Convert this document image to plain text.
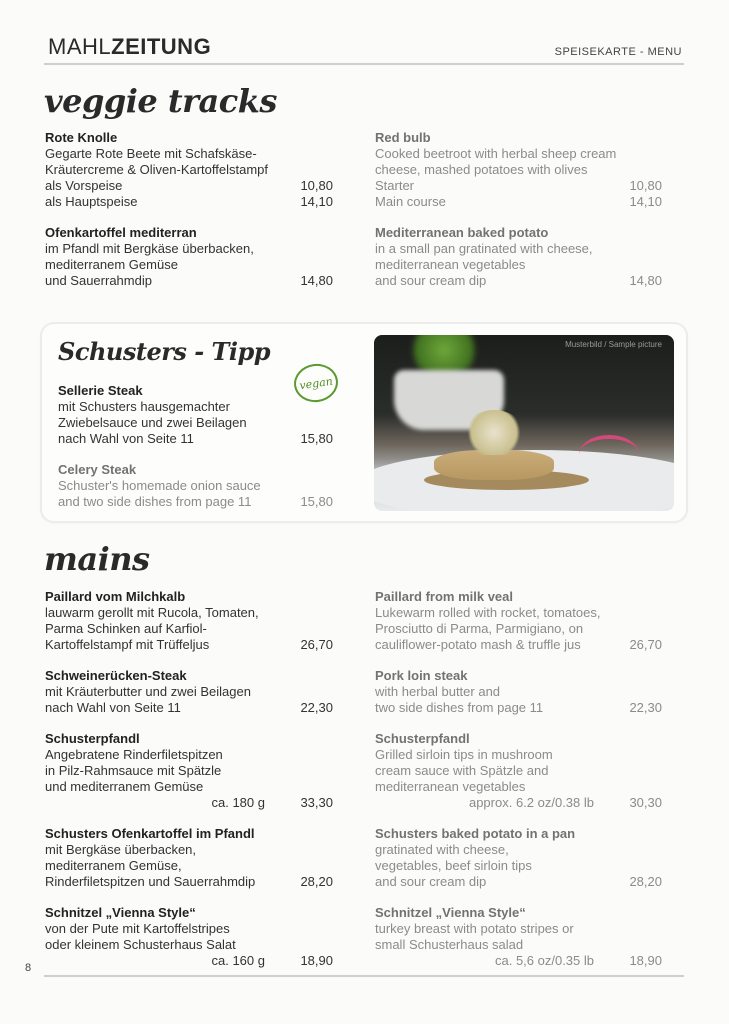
MAHLZEITUNG	SPEISEKARTE - MENU
veggie tracks
Rote Knolle
Gegarte Rote Beete mit Schafskäse-
Kräutercreme & Oliven-Kartoffelstampf
als Vorspeise	10,80
als Hauptspeise	14,10
Ofenkartoffel mediterran
im Pfandl mit Bergkäse überbacken,
mediterranem Gemüse
und Sauerrahmdip	14,80
Red bulb
Cooked beetroot with herbal sheep cream
cheese, mashed potatoes with olives
Starter	10,80
Main course	14,10
Mediterranean baked potato
in a small pan gratinated with cheese,
mediterranean vegetables
and sour cream dip	14,80
Schusters - Tipp
vegan
Sellerie Steak
mit Schusters hausgemachter
Zwiebelsauce und zwei Beilagen
nach Wahl von Seite 11	15,80
Celery Steak
Schuster's homemade onion sauce
and two side dishes from page 11	15,80
Musterbild / Sample picture
mains
Paillard vom Milchkalb
lauwarm gerollt mit Rucola, Tomaten,
Parma Schinken auf Karfiol-
Kartoffelstampf mit Trüffeljus	26,70
Schweinerücken-Steak
mit Kräuterbutter und zwei Beilagen
nach Wahl von Seite 11	22,30
Schusterpfandl
Angebratene Rinderfiletspitzen
in Pilz-Rahmsauce mit Spätzle
und mediterranem Gemüse
ca. 180 g	33,30
Schusters Ofenkartoffel im Pfandl
mit Bergkäse überbacken,
mediterranem Gemüse,
Rinderfiletspitzen und Sauerrahmdip	28,20
Schnitzel „Vienna Style“
von der Pute mit Kartoffelstripes
oder kleinem Schusterhaus Salat
ca. 160 g	18,90
Paillard from milk veal
Lukewarm rolled with rocket, tomatoes,
Prosciutto di Parma, Parmigiano, on
cauliflower-potato mash & truffle jus	26,70
Pork loin steak
with herbal butter and
two side dishes from page 11	22,30
Schusterpfandl
Grilled sirloin tips in mushroom
cream sauce with Spätzle and
mediterranean vegetables
approx. 6.2 oz/0.38 lb	30,30
Schusters baked potato in a pan
gratinated with cheese,
vegetables, beef sirloin tips
and sour cream dip	28,20
Schnitzel „Vienna Style“
turkey breast with potato stripes or
small Schusterhaus salad
ca. 5,6 oz/0.35 lb	18,90
8
